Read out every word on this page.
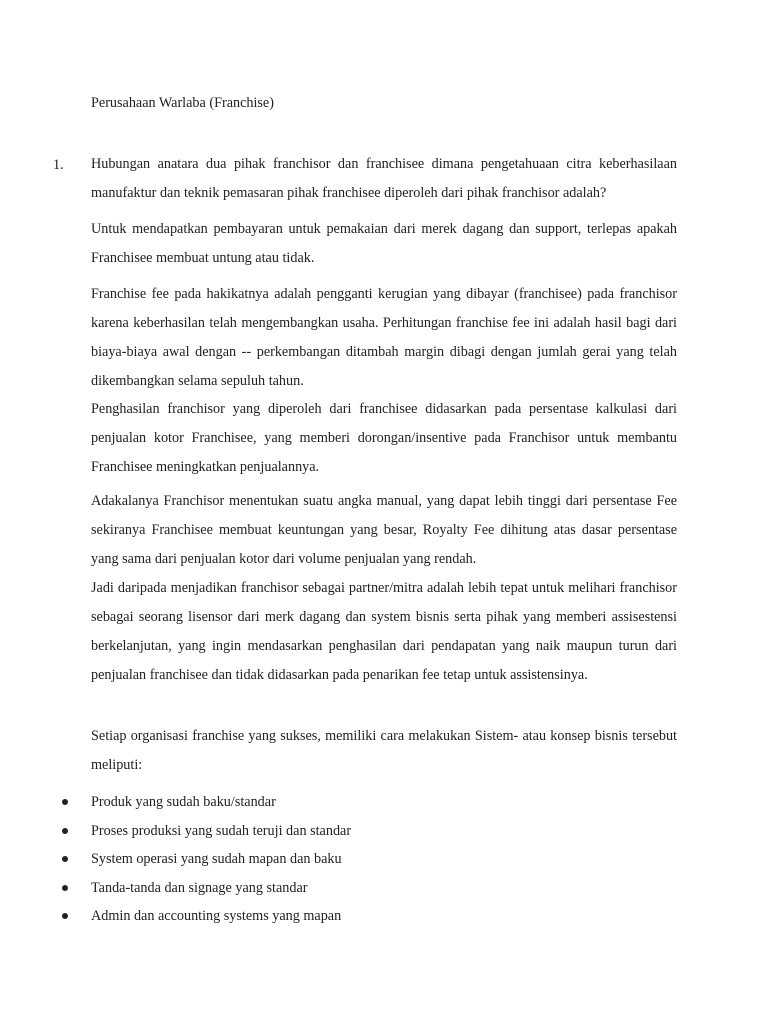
Perusahaan Warlaba (Franchise)
1. Hubungan anatara dua pihak franchisor dan franchisee dimana pengetahuaan citra keberhasilaan manufaktur dan teknik pemasaran pihak franchisee diperoleh dari pihak franchisor adalah?

Untuk mendapatkan pembayaran untuk pemakaian dari merek dagang dan support, terlepas apakah Franchisee membuat untung atau tidak.

Franchise fee pada hakikatnya adalah pengganti kerugian yang dibayar (franchisee) pada franchisor karena keberhasilan telah mengembangkan usaha. Perhitungan franchise fee ini adalah hasil bagi dari biaya-biaya awal dengan -- perkembangan ditambah margin dibagi dengan jumlah gerai yang telah dikembangkan selama sepuluh tahun.

Penghasilan franchisor yang diperoleh dari franchisee didasarkan pada persentase kalkulasi dari penjualan kotor Franchisee, yang memberi dorongan/insentive pada Franchisor untuk membantu Franchisee meningkatkan penjualannya.

Adakalanya Franchisor menentukan suatu angka manual, yang dapat lebih tinggi dari persentase Fee sekiranya Franchisee membuat keuntungan yang besar, Royalty Fee dihitung atas dasar persentase yang sama dari penjualan kotor dari volume penjualan yang rendah.

Jadi daripada menjadikan franchisor sebagai partner/mitra adalah lebih tepat untuk melihari franchisor sebagai seorang lisensor dari merk dagang dan system bisnis serta pihak yang memberi assisestensi berkelanjutan, yang ingin mendasarkan penghasilan dari pendapatan yang naik maupun turun dari penjualan franchisee dan tidak didasarkan pada penarikan fee tetap untuk assistensinya.

Setiap organisasi franchise yang sukses, memiliki cara melakukan Sistem- atau konsep bisnis tersebut meliputi:

Produk yang sudah baku/standar
Proses produksi yang sudah teruji dan standar
System operasi yang sudah mapan dan baku
Tanda-tanda dan signage yang standar
Admin dan accounting systems yang mapan
